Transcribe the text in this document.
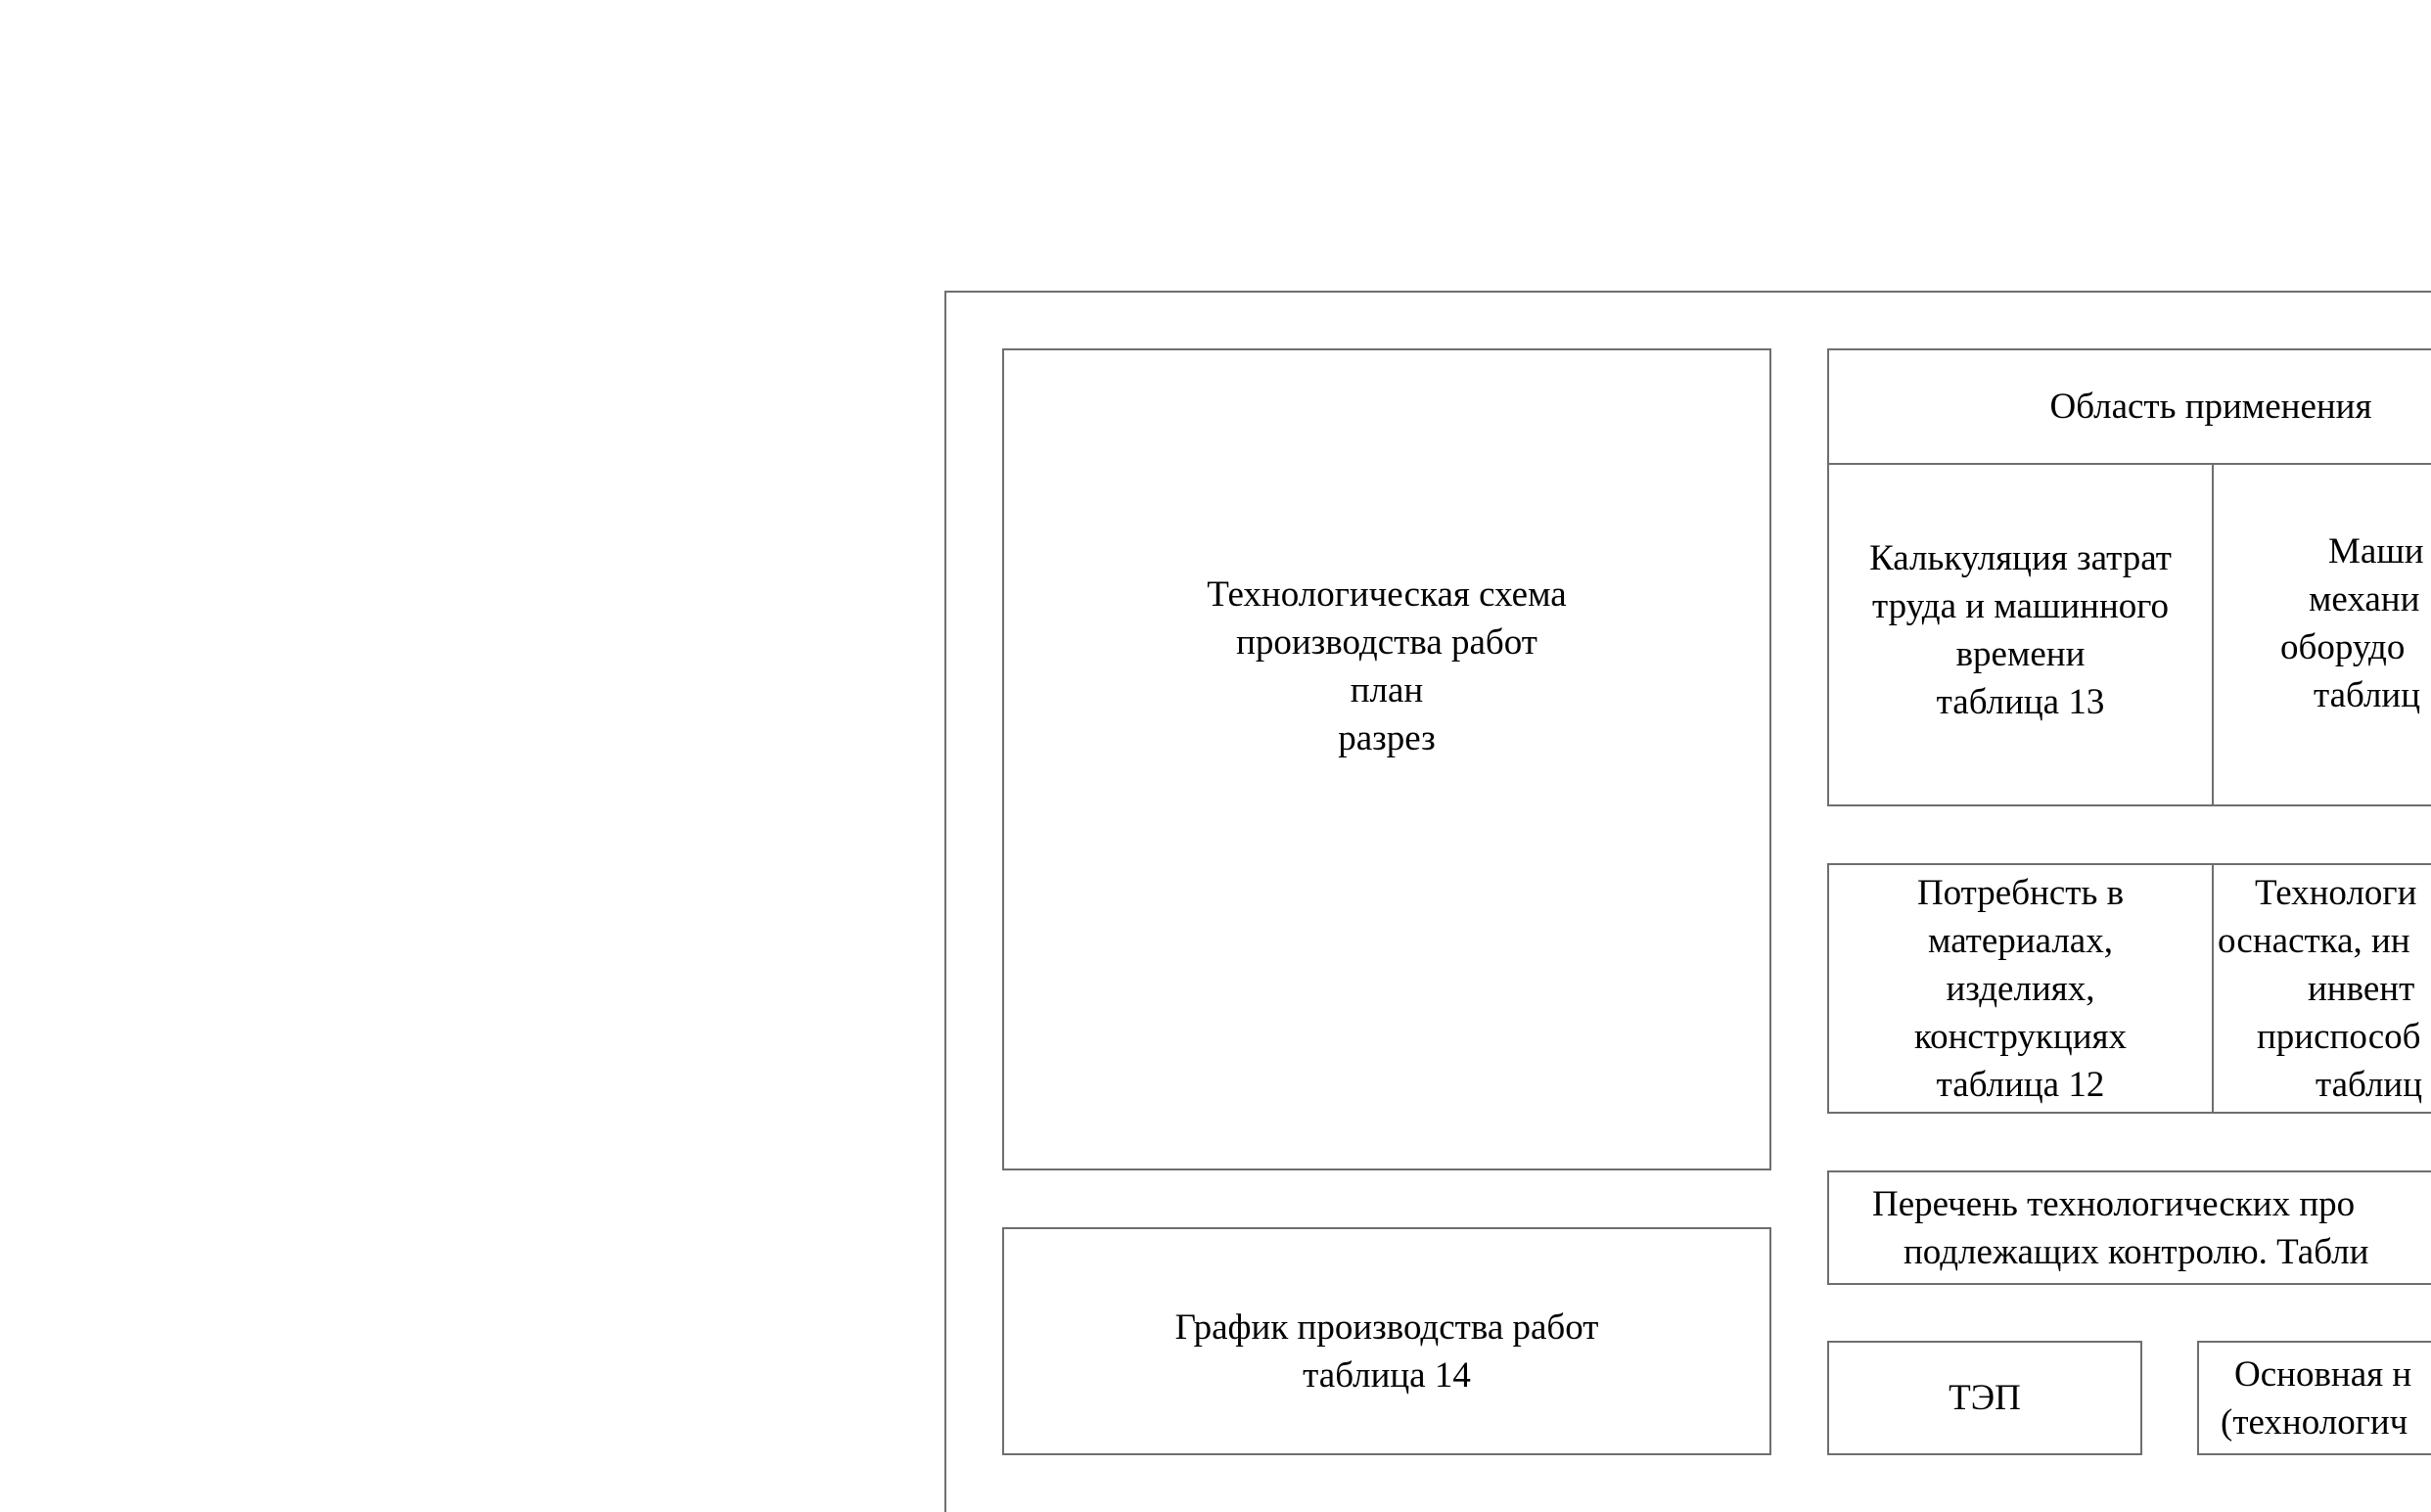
Технологическая схема
производства работ
план
разрез
График производства работ
таблица 14
Область применения
Калькуляция затрат
труда и машинного
времени
таблица 13
Маши
механи
оборудо
таблиц
Потребнсть в
материалах,
изделиях,
конструкциях
таблица 12
Технологи
оснастка, ин
инвент
приспособ
таблиц
Перечень технологических про
подлежащих контролю. Табли
ТЭП
Основная н
(технологич
